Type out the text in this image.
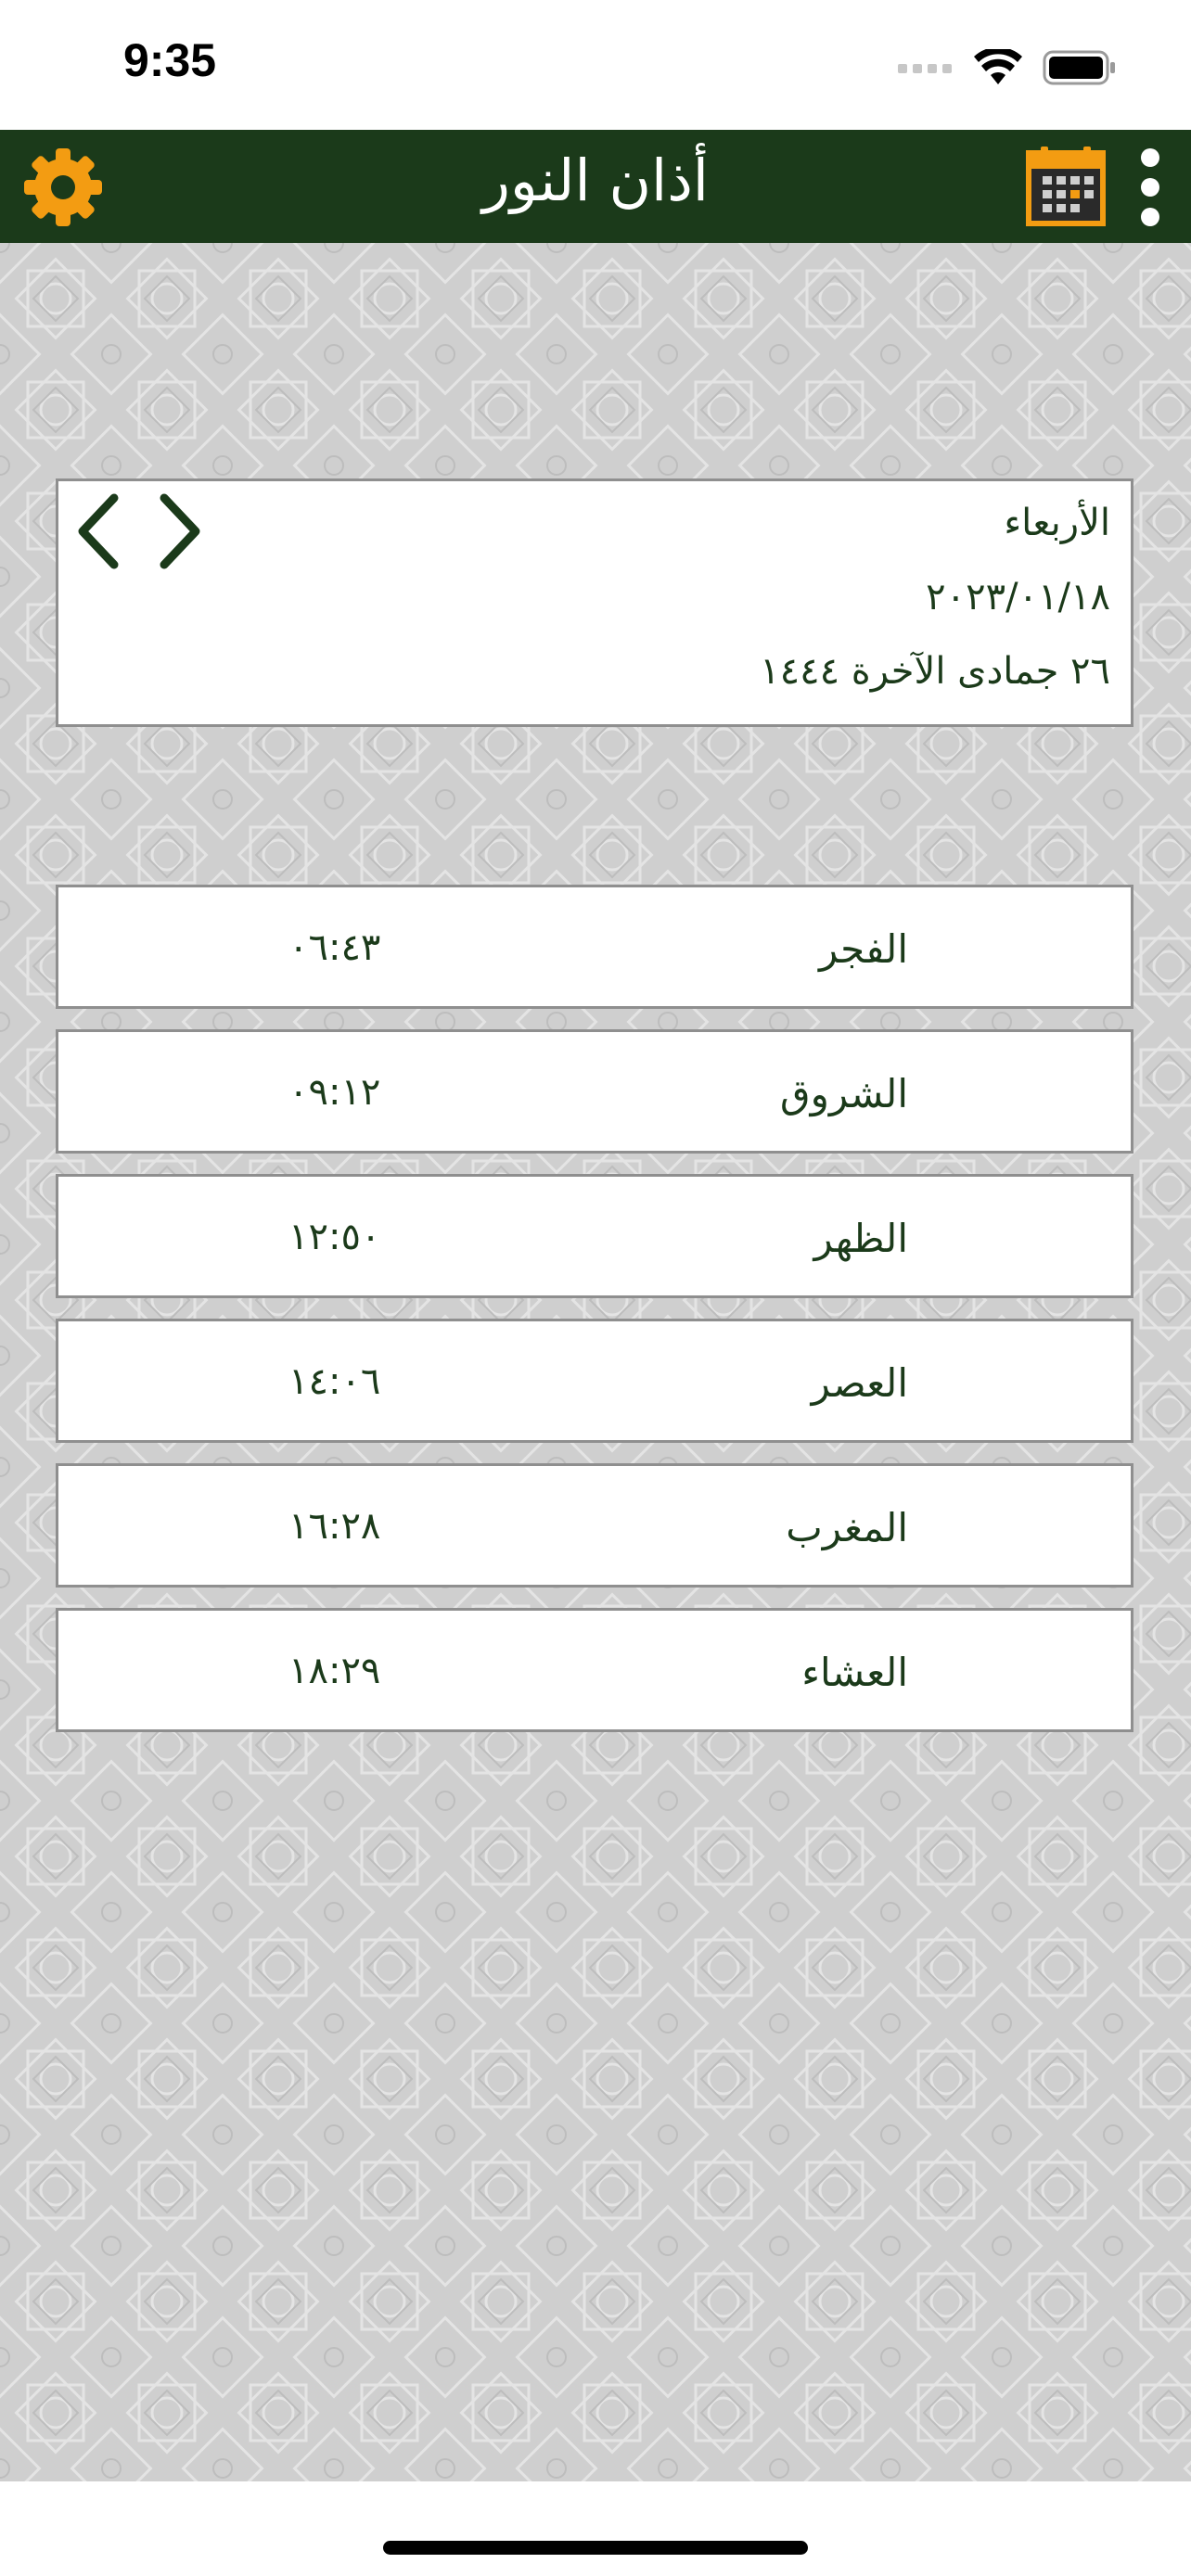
9:35
أذان النور
الأربعاء
٢٠٢٣/٠١/١٨
٢٦ جمادى الآخرة ١٤٤٤
الفجر
٠٦:٤٣
الشروق
٠٩:١٢
الظهر
١٢:٥٠
العصر
١٤:٠٦
المغرب
١٦:٢٨
العشاء
١٨:٢٩
